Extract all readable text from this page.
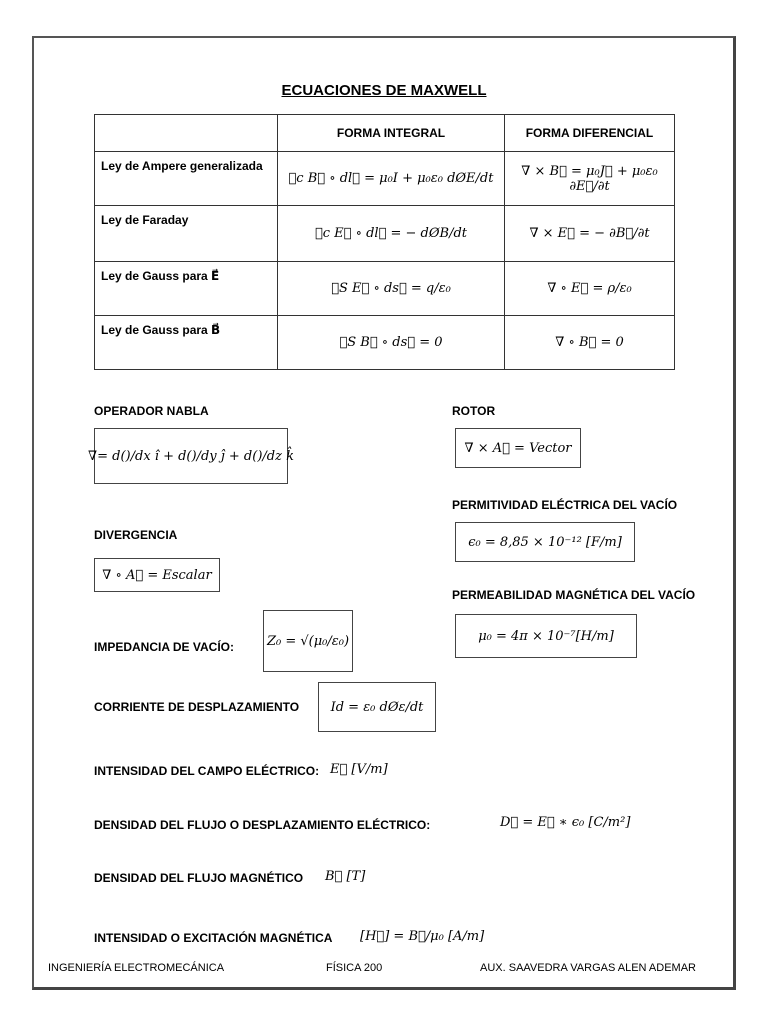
ECUACIONES DE MAXWELL
	FORMA INTEGRAL	FORMA DIFERENCIAL
Ley de Ampere generalizada	∮c B⃗ ∘ dl⃗ = μ₀I + μ₀ε₀ dØE/dt	∇ × B⃗ = μ₀J⃗ + μ₀ε₀ ∂E⃗/∂t
Ley de Faraday	∮c E⃗ ∘ dl⃗ = − dØB/dt	∇ × E⃗ = − ∂B⃗/∂t
Ley de Gauss para E⃗	∯S E⃗ ∘ ds⃗ = q/ε₀	∇ ∘ E⃗ = ρ/ε₀
Ley de Gauss para B⃗	∯S B⃗ ∘ ds⃗ = 0	∇ ∘ B⃗ = 0
OPERADOR NABLA
∇= d()/dx î + d()/dy ĵ + d()/dz k̂
DIVERGENCIA
∇ ∘ A⃗ = Escalar
IMPEDANCIA DE VACÍO:	Z₀ = √(μ₀/ε₀)
CORRIENTE DE DESPLAZAMIENTO	Id = ε₀ dØε/dt
ROTOR
∇ × A⃗ = Vector
PERMITIVIDAD ELÉCTRICA DEL VACÍO
ϵ₀ = 8,85 × 10⁻¹² [F/m]
PERMEABILIDAD MAGNÉTICA DEL VACÍO
μ₀ = 4π × 10⁻⁷[H/m]
INTENSIDAD DEL CAMPO ELÉCTRICO: E⃗ [V/m]
DENSIDAD DEL FLUJO O DESPLAZAMIENTO ELÉCTRICO:	D⃗ = E⃗ ∗ ϵ₀ [C/m²]
DENSIDAD DEL FLUJO MAGNÉTICO B⃗ [T]
INTENSIDAD O EXCITACIÓN MAGNÉTICA [H⃗] = B⃗/μ₀ [A/m]
INGENIERÍA ELECTROMECÁNICA	FÍSICA 200	AUX. SAAVEDRA VARGAS ALEN ADEMAR
